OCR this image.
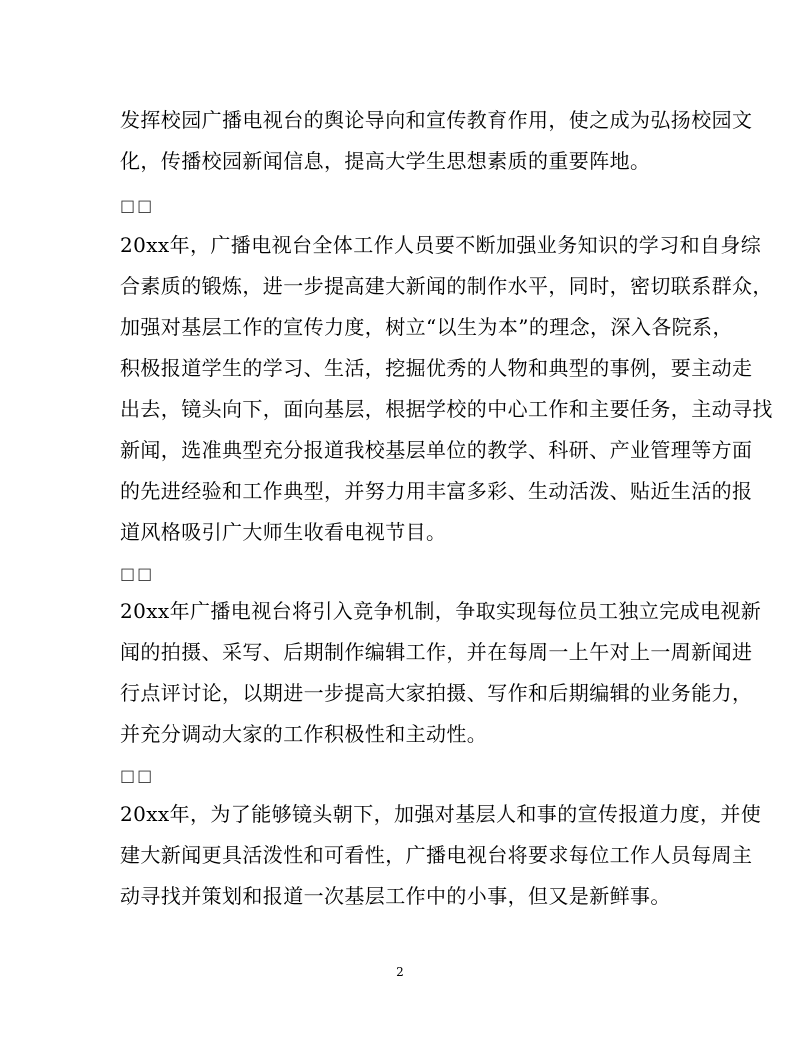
发挥校园广播电视台的舆论导向和宣传教育作用，使之成为弘扬校园文
化，传播校园新闻信息，提高大学生思想素质的重要阵地。
□□
20xx年，广播电视台全体工作人员要不断加强业务知识的学习和自身综
合素质的锻炼，进一步提高建大新闻的制作水平，同时，密切联系群众，
加强对基层工作的宣传力度，树立“以生为本”的理念，深入各院系，
积极报道学生的学习、生活，挖掘优秀的人物和典型的事例，要主动走
出去，镜头向下，面向基层，根据学校的中心工作和主要任务，主动寻找
新闻，选准典型充分报道我校基层单位的教学、科研、产业管理等方面
的先进经验和工作典型，并努力用丰富多彩、生动活泼、贴近生活的报
道风格吸引广大师生收看电视节目。
□□
20xx年广播电视台将引入竞争机制，争取实现每位员工独立完成电视新
闻的拍摄、采写、后期制作编辑工作，并在每周一上午对上一周新闻进
行点评讨论，以期进一步提高大家拍摄、写作和后期编辑的业务能力，
并充分调动大家的工作积极性和主动性。
□□
20xx年，为了能够镜头朝下，加强对基层人和事的宣传报道力度，并使
建大新闻更具活泼性和可看性，广播电视台将要求每位工作人员每周主
动寻找并策划和报道一次基层工作中的小事，但又是新鲜事。
2
